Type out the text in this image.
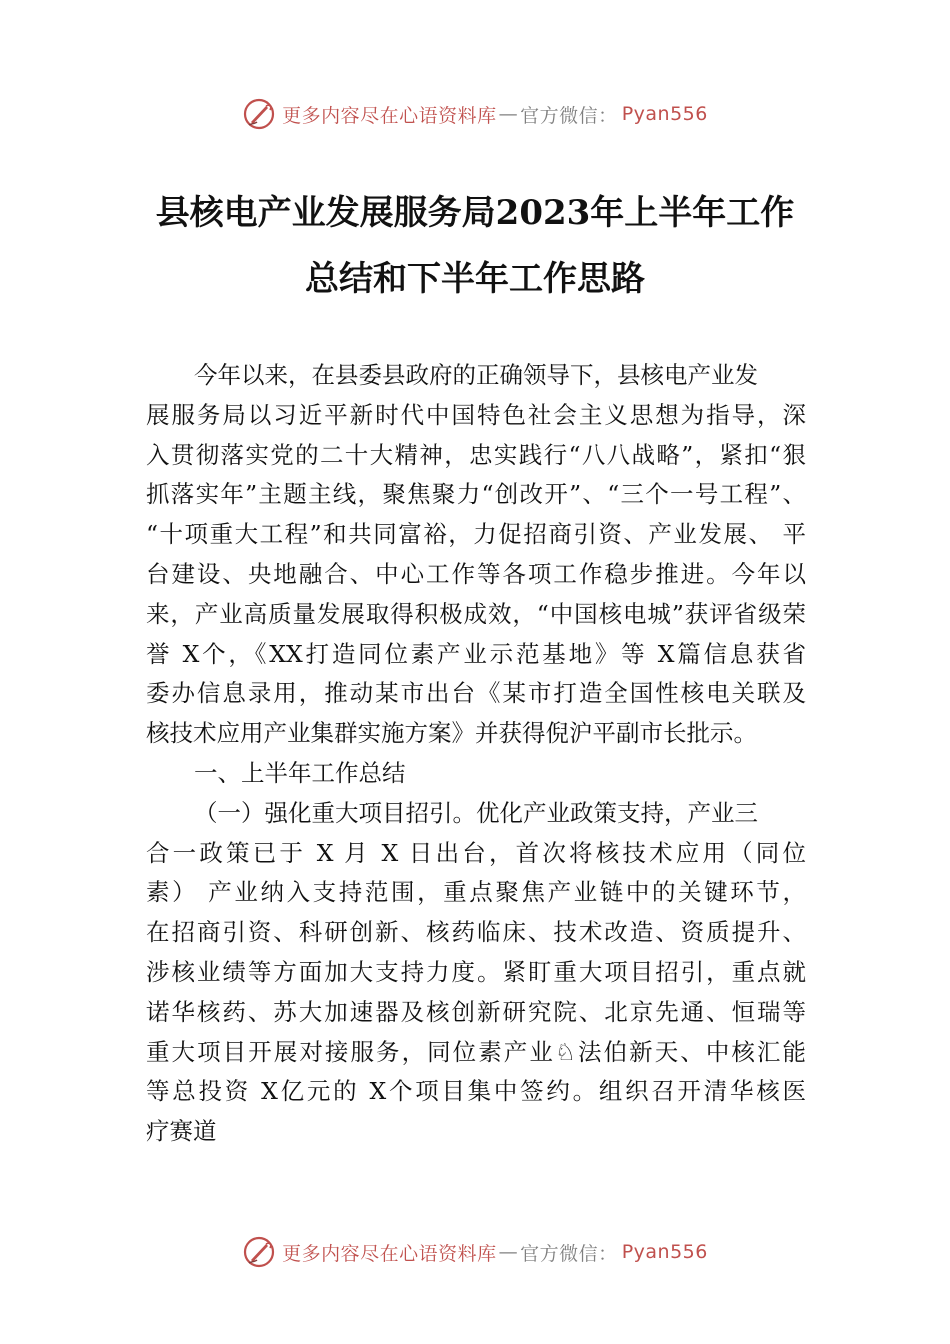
更多内容尽在心语资料库 — 官方微信： Pyan556
县核电产业发展服务局2023年上半年工作
总结和下半年工作思路
今年以来，在县委县政府的正确领导下，县核电产业发
展服务局以习近平新时代中国特色社会主义思想为指导，深
入贯彻落实党的二十大精神，忠实践行“八八战略”，紧扣“狠
抓落实年”主题主线，聚焦聚力“创改开”、“三个一号工程”、
“十项重大工程”和共同富裕，力促招商引资、产业发展、 平
台建设、央地融合、中心工作等各项工作稳步推进。今年以
来，产业高质量发展取得积极成效，“中国核电城”获评省级荣
誉 X个，《XX打造同位素产业示范基地》等 X篇信息获省
委办信息录用，推动某市出台《某市打造全国性核电关联及
核技术应用产业集群实施方案》并获得倪沪平副市长批示。
一、上半年工作总结
（一）强化重大项目招引。优化产业政策支持，产业三
合一政策已于 X 月 X 日出台，首次将核技术应用（同位
素） 产业纳入支持范围，重点聚焦产业链中的关键环节，
在招商引资、科研创新、核药临床、技术改造、资质提升、
涉核业绩等方面加大支持力度。紧盯重大项目招引，重点就
诺华核药、苏大加速器及核创新研究院、北京先通、恒瑞等
重大项目开展对接服务，同位素产业♘法伯新天、中核汇能
等总投资 X亿元的 X个项目集中签约。组织召开清华核医
疗赛道
更多内容尽在心语资料库 — 官方微信： Pyan556
